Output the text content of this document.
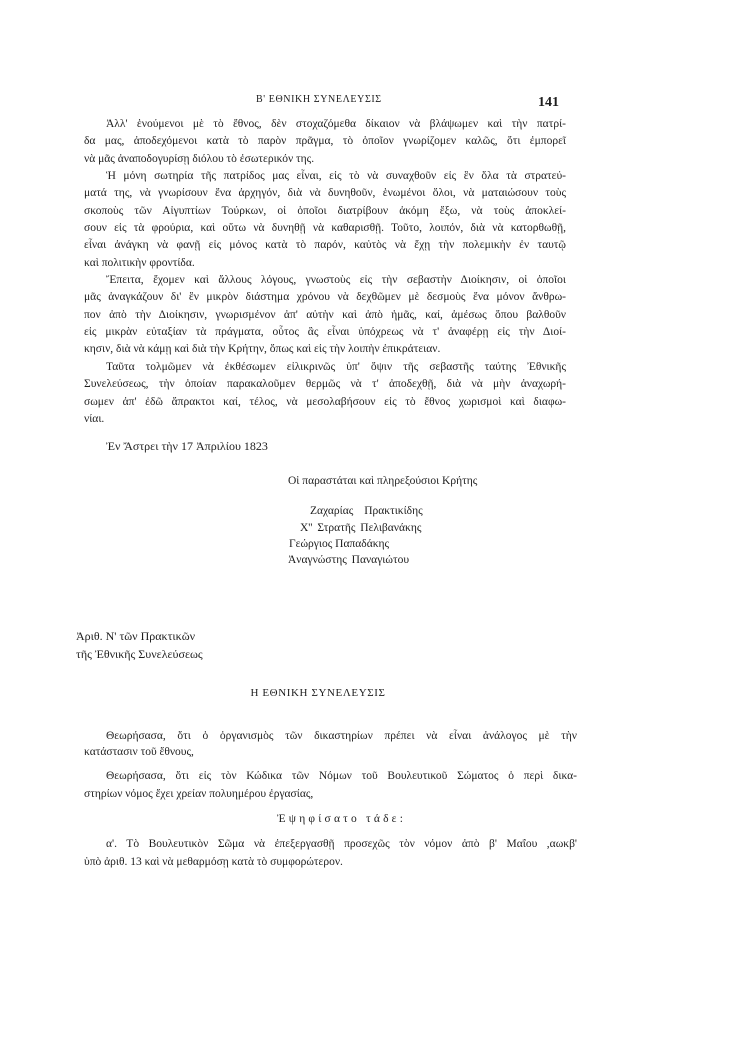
Β' ΕΘΝΙΚΗ ΣΥΝΕΛΕΥΣΙΣ	141
Ἀλλ' ἑνούμενοι μὲ τὸ ἔθνος, δὲν στοχαζόμεθα δίκαιον νὰ βλάψωμεν καὶ τὴν πατρί-
δα μας, ἀποδεχόμενοι κατὰ τὸ παρὸν πρᾶγμα, τὸ ὁποῖον γνωρίζομεν καλῶς, ὅτι ἐμπορεῖ
νὰ μᾶς ἀναποδογυρίσῃ διόλου τὸ ἐσωτερικόν της.
Ἡ μόνη σωτηρία τῆς πατρίδος μας εἶναι, εἰς τὸ νὰ συναχθοῦν εἰς ἓν ὅλα τὰ στρατεύ-
ματά της, νὰ γνωρίσουν ἕνα ἀρχηγόν, διὰ νὰ δυνηθοῦν, ἑνωμένοι ὅλοι, νὰ ματαιώσουν τοὺς
σκοποὺς τῶν Αἰγυπτίων Τούρκων, οἱ ὁποῖοι διατρίβουν ἀκόμη ἔξω, νὰ τοὺς ἀποκλεί-
σουν εἰς τὰ φρούρια, καὶ οὕτω νὰ δυνηθῇ νὰ καθαρισθῇ. Τοῦτο, λοιπόν, διὰ νὰ κατορθωθῇ,
εἶναι ἀνάγκη νὰ φανῇ εἰς μόνος κατὰ τὸ παρόν, καὐτὸς νὰ ἔχῃ τὴν πολεμικὴν ἐν ταυτῷ
καὶ πολιτικὴν φροντίδα.
Ἔπειτα, ἔχομεν καὶ ἄλλους λόγους, γνωστοὺς εἰς τὴν σεβαστὴν Διοίκησιν, οἱ ὁποῖοι
μᾶς ἀναγκάζουν δι' ἓν μικρὸν διάστημα χρόνου νὰ δεχθῶμεν μὲ δεσμοὺς ἕνα μόνον ἄνθρω-
πον ἀπὸ τὴν Διοίκησιν, γνωρισμένον ἀπ' αὐτὴν καὶ ἀπὸ ἡμᾶς, καί, ἀμέσως ὅπου βαλθοῦν
εἰς μικρὰν εὐταξίαν τὰ πράγματα, οὗτος ἂς εἶναι ὑπόχρεως νὰ τ' ἀναφέρῃ εἰς τὴν Διοί-
κησιν, διὰ νὰ κάμῃ καὶ διὰ τὴν Κρήτην, ὅπως καὶ εἰς τὴν λοιπὴν ἐπικράτειαν.
Ταῦτα τολμῶμεν νὰ ἐκθέσωμεν εἰλικρινῶς ὑπ' ὄψιν τῆς σεβαστῆς ταύτης Ἐθνικῆς
Συνελεύσεως, τὴν ὁποίαν παρακαλοῦμεν θερμῶς νὰ τ' ἀποδεχθῇ, διὰ νὰ μὴν ἀναχωρή-
σωμεν ἀπ' ἐδῶ ἄπρακτοι καί, τέλος, νὰ μεσολαβήσουν εἰς τὸ ἔθνος χωρισμοὶ καὶ διαφω-
νίαι.
Ἐν Ἄστρει τὴν 17 Ἀπριλίου 1823
Οἱ παραστάται καὶ πληρεξούσιοι Κρήτης
Ζαχαρίας Πρακτικίδης
Χ'' Στρατῆς Πελιβανάκης
Γεώργιος Παπαδάκης
Ἀναγνώστης Παναγιώτου
Ἀριθ. Ν' τῶν Πρακτικῶν
τῆς Ἐθνικῆς Συνελεύσεως
Η ΕΘΝΙΚΗ ΣΥΝΕΛΕΥΣΙΣ
Θεωρήσασα, ὅτι ὁ ὀργανισμὸς τῶν δικαστηρίων πρέπει νὰ εἶναι ἀνάλογος μὲ τὴν
κατάστασιν τοῦ ἔθνους,
Θεωρήσασα, ὅτι εἰς τὸν Κώδικα τῶν Νόμων τοῦ Βουλευτικοῦ Σώματος ὁ περὶ δικα-
στηρίων νόμος ἔχει χρείαν πολυημέρου ἐργασίας,
Ἐψηφίσατο τάδε:
α'. Τὸ Βουλευτικὸν Σῶμα νὰ ἐπεξεργασθῇ προσεχῶς τὸν νόμον ἀπὸ β' Μαΐου ,αωκβ'
ὑπὸ ἀριθ. 13 καὶ νὰ μεθαρμόσῃ κατὰ τὸ συμφορώτερον.
